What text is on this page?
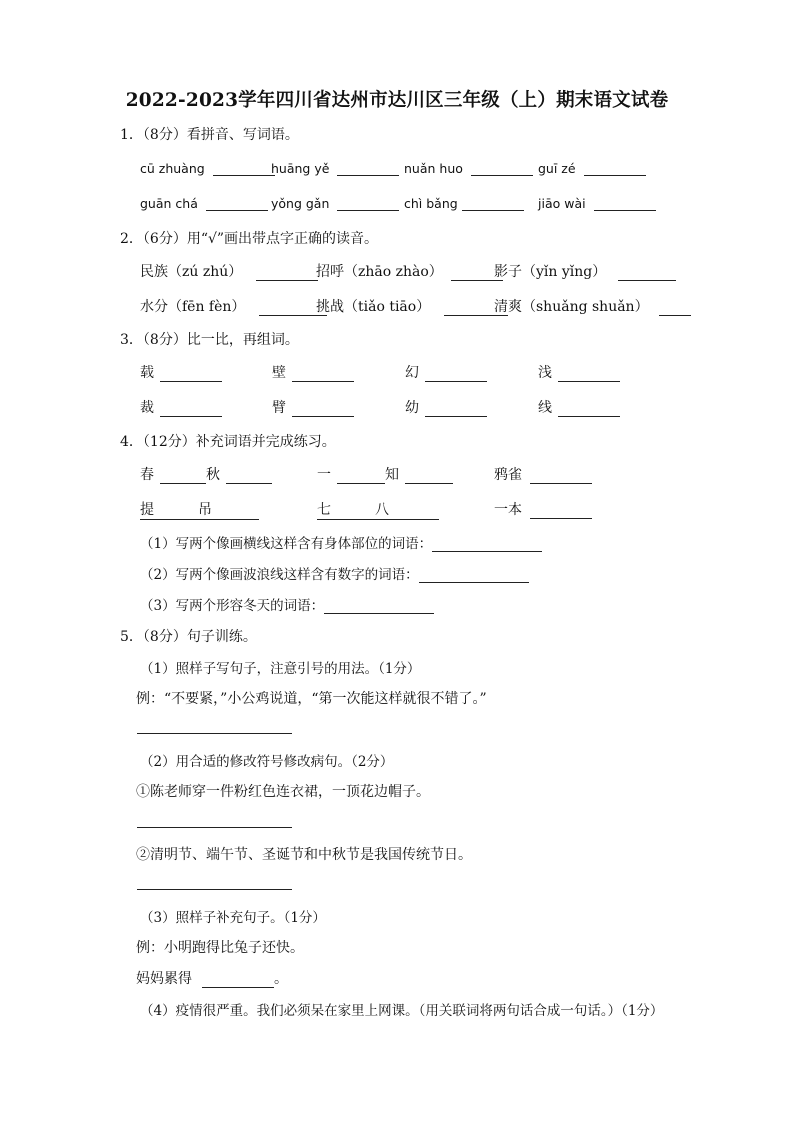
2022-2023学年四川省达州市达川区三年级（上）期末语文试卷
1．（8分）看拼音、写词语。
cū zhuàng	huāng yě	nuǎn huo	guī zé
guān chá	yǒng gǎn	chì bǎng	jiāo wài
2．（6分）用“√”画出带点字正确的读音。
民族（zú zhú）	招呼（zhāo zhào）	影子（yǐn yǐng）
水分（fēn fèn）	挑战（tiǎo tiāo）	清爽（shuǎng shuǎn）
3．（8分）比一比，再组词。
载	壁	幻	浅
裁	臂	幼	线
4．（12分）补充词语并完成练习。
春	秋	一	知	鸦雀
提	吊	七	八	一本
（1）写两个像画横线这样含有身体部位的词语：
（2）写两个像画波浪线这样含有数字的词语：
（3）写两个形容冬天的词语：
5．（8分）句子训练。
（1）照样子写句子，注意引号的用法。（1分）
例：“不要紧，”小公鸡说道，“第一次能这样就很不错了。”
（2）用合适的修改符号修改病句。（2分）
①陈老师穿一件粉红色连衣裙，一顶花边帽子。
②清明节、端午节、圣诞节和中秋节是我国传统节日。
（3）照样子补充句子。（1分）
例：小明跑得比兔子还快。
妈妈累得	。
（4）疫情很严重。我们必须呆在家里上网课。（用关联词将两句话合成一句话。）（1分）
